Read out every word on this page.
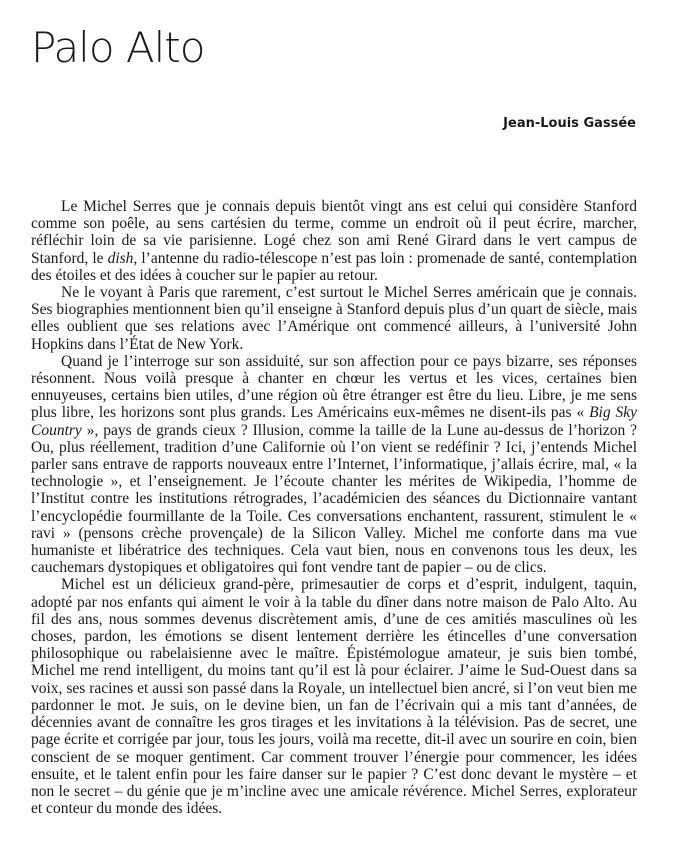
Palo Alto
Jean-Louis Gassée

Le Michel Serres que je connais depuis bientôt vingt ans est celui qui considère Stanford comme son poêle, au sens cartésien du terme, comme un endroit où il peut écrire, marcher, réfléchir loin de sa vie parisienne. Logé chez son ami René Girard dans le vert campus de Stanford, le dish, l’antenne du radio-télescope n’est pas loin : promenade de santé, contemplation des étoiles et des idées à coucher sur le papier au retour.

Ne le voyant à Paris que rarement, c’est surtout le Michel Serres américain que je connais. Ses biographies mentionnent bien qu’il enseigne à Stanford depuis plus d’un quart de siècle, mais elles oublient que ses relations avec l’Amérique ont commencé ailleurs, à l’université John Hopkins dans l’État de New York.

Quand je l’interroge sur son assiduité, sur son affection pour ce pays bizarre, ses réponses résonnent. Nous voilà presque à chanter en chœur les vertus et les vices, certaines bien ennuyeuses, certains bien utiles, d’une région où être étranger est être du lieu. Libre, je me sens plus libre, les horizons sont plus grands. Les Américains eux-mêmes ne disent-ils pas « Big Sky Country », pays de grands cieux ? Illusion, comme la taille de la Lune au-dessus de l’horizon ? Ou, plus réellement, tradition d’une Californie où l’on vient se redéfinir ? Ici, j’entends Michel parler sans entrave de rapports nouveaux entre l’Internet, l’informatique, j’allais écrire, mal, « la technologie », et l’enseignement. Je l’écoute chanter les mérites de Wikipedia, l’homme de l’Institut contre les institutions rétrogrades, l’académicien des séances du Dictionnaire vantant l’encyclopédie fourmillante de la Toile. Ces conversations enchantent, rassurent, stimulent le « ravi » (pensons crèche provençale) de la Silicon Valley. Michel me conforte dans ma vue humaniste et libératrice des techniques. Cela vaut bien, nous en convenons tous les deux, les cauchemars dystopiques et obligatoires qui font vendre tant de papier – ou de clics.

Michel est un délicieux grand-père, primesautier de corps et d’esprit, indulgent, taquin, adopté par nos enfants qui aiment le voir à la table du dîner dans notre maison de Palo Alto. Au fil des ans, nous sommes devenus discrètement amis, d’une de ces amitiés masculines où les choses, pardon, les émotions se disent lentement derrière les étincelles d’une conversation philosophique ou rabelaisienne avec le maître. Épistémologue amateur, je suis bien tombé, Michel me rend intelligent, du moins tant qu’il est là pour éclairer. J’aime le Sud-Ouest dans sa voix, ses racines et aussi son passé dans la Royale, un intellectuel bien ancré, si l’on veut bien me pardonner le mot. Je suis, on le devine bien, un fan de l’écrivain qui a mis tant d’années, de décennies avant de connaître les gros tirages et les invitations à la télévision. Pas de secret, une page écrite et corrigée par jour, tous les jours, voilà ma recette, dit-il avec un sourire en coin, bien conscient de se moquer gentiment. Car comment trouver l’énergie pour commencer, les idées ensuite, et le talent enfin pour les faire danser sur le papier ? C’est donc devant le mystère – et non le secret – du génie que je m’incline avec une amicale révérence. Michel Serres, explorateur et conteur du monde des idées.
